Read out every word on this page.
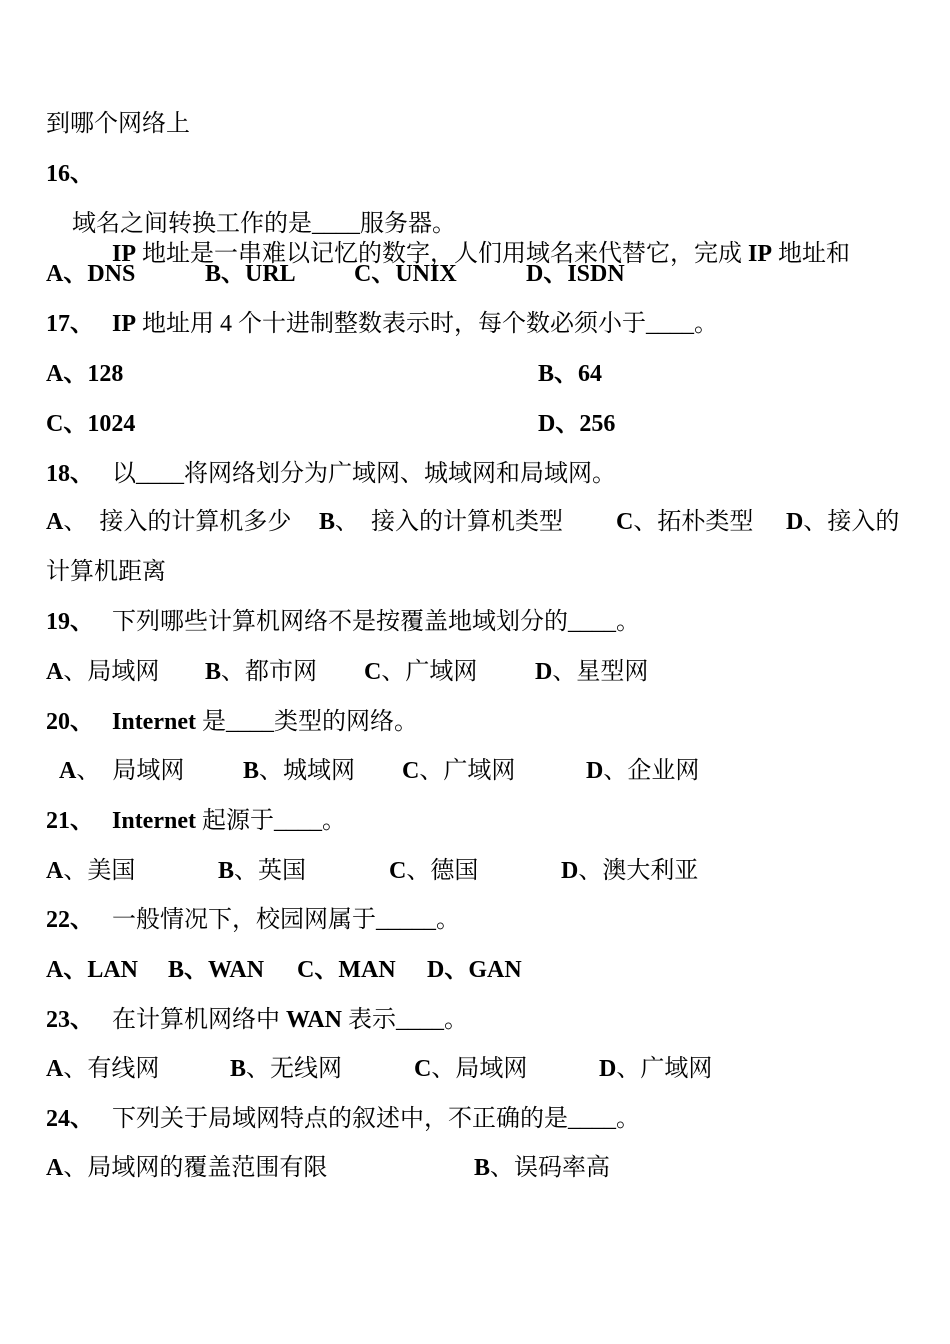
到哪个网络上

16、

IP 地址是一串难以记忆的数字，人们用域名来代替它，完成 IP 地址和

域名之间转换工作的是____服务器。

A、DNS

	B、URL

C、UNIX

	D、ISDN

17、

IP 地址用 4 个十进制整数表示时，每个数必须小于____。

A、128

	B、64

C、1024

	D、256

18、

以____将网络划分为广域网、城域网和局域网。

A、 接入的计算机多少

B、 接入的计算机类型

C、拓朴类型

D、接入的

计算机距离

19、

下列哪些计算机网络不是按覆盖地域划分的____。

A、局域网

B、都市网

C、广域网

D、星型网

20、

Internet 是____类型的网络。

A、 局域网

B、城域网

C、广域网

	D、企业网

21、

Internet 起源于____。

A、美国

	B、英国

	C、德国

	D、澳大利亚

22、

一般情况下，校园网属于_____。

A、LAN

B、WAN

C、MAN

D、GAN

23、

在计算机网络中 WAN 表示____。

A、有线网

	B、无线网

	C、局域网

	D、广域网

24、

下列关于局域网特点的叙述中，不正确的是____。

A、局域网的覆盖范围有限

	B、误码率高
